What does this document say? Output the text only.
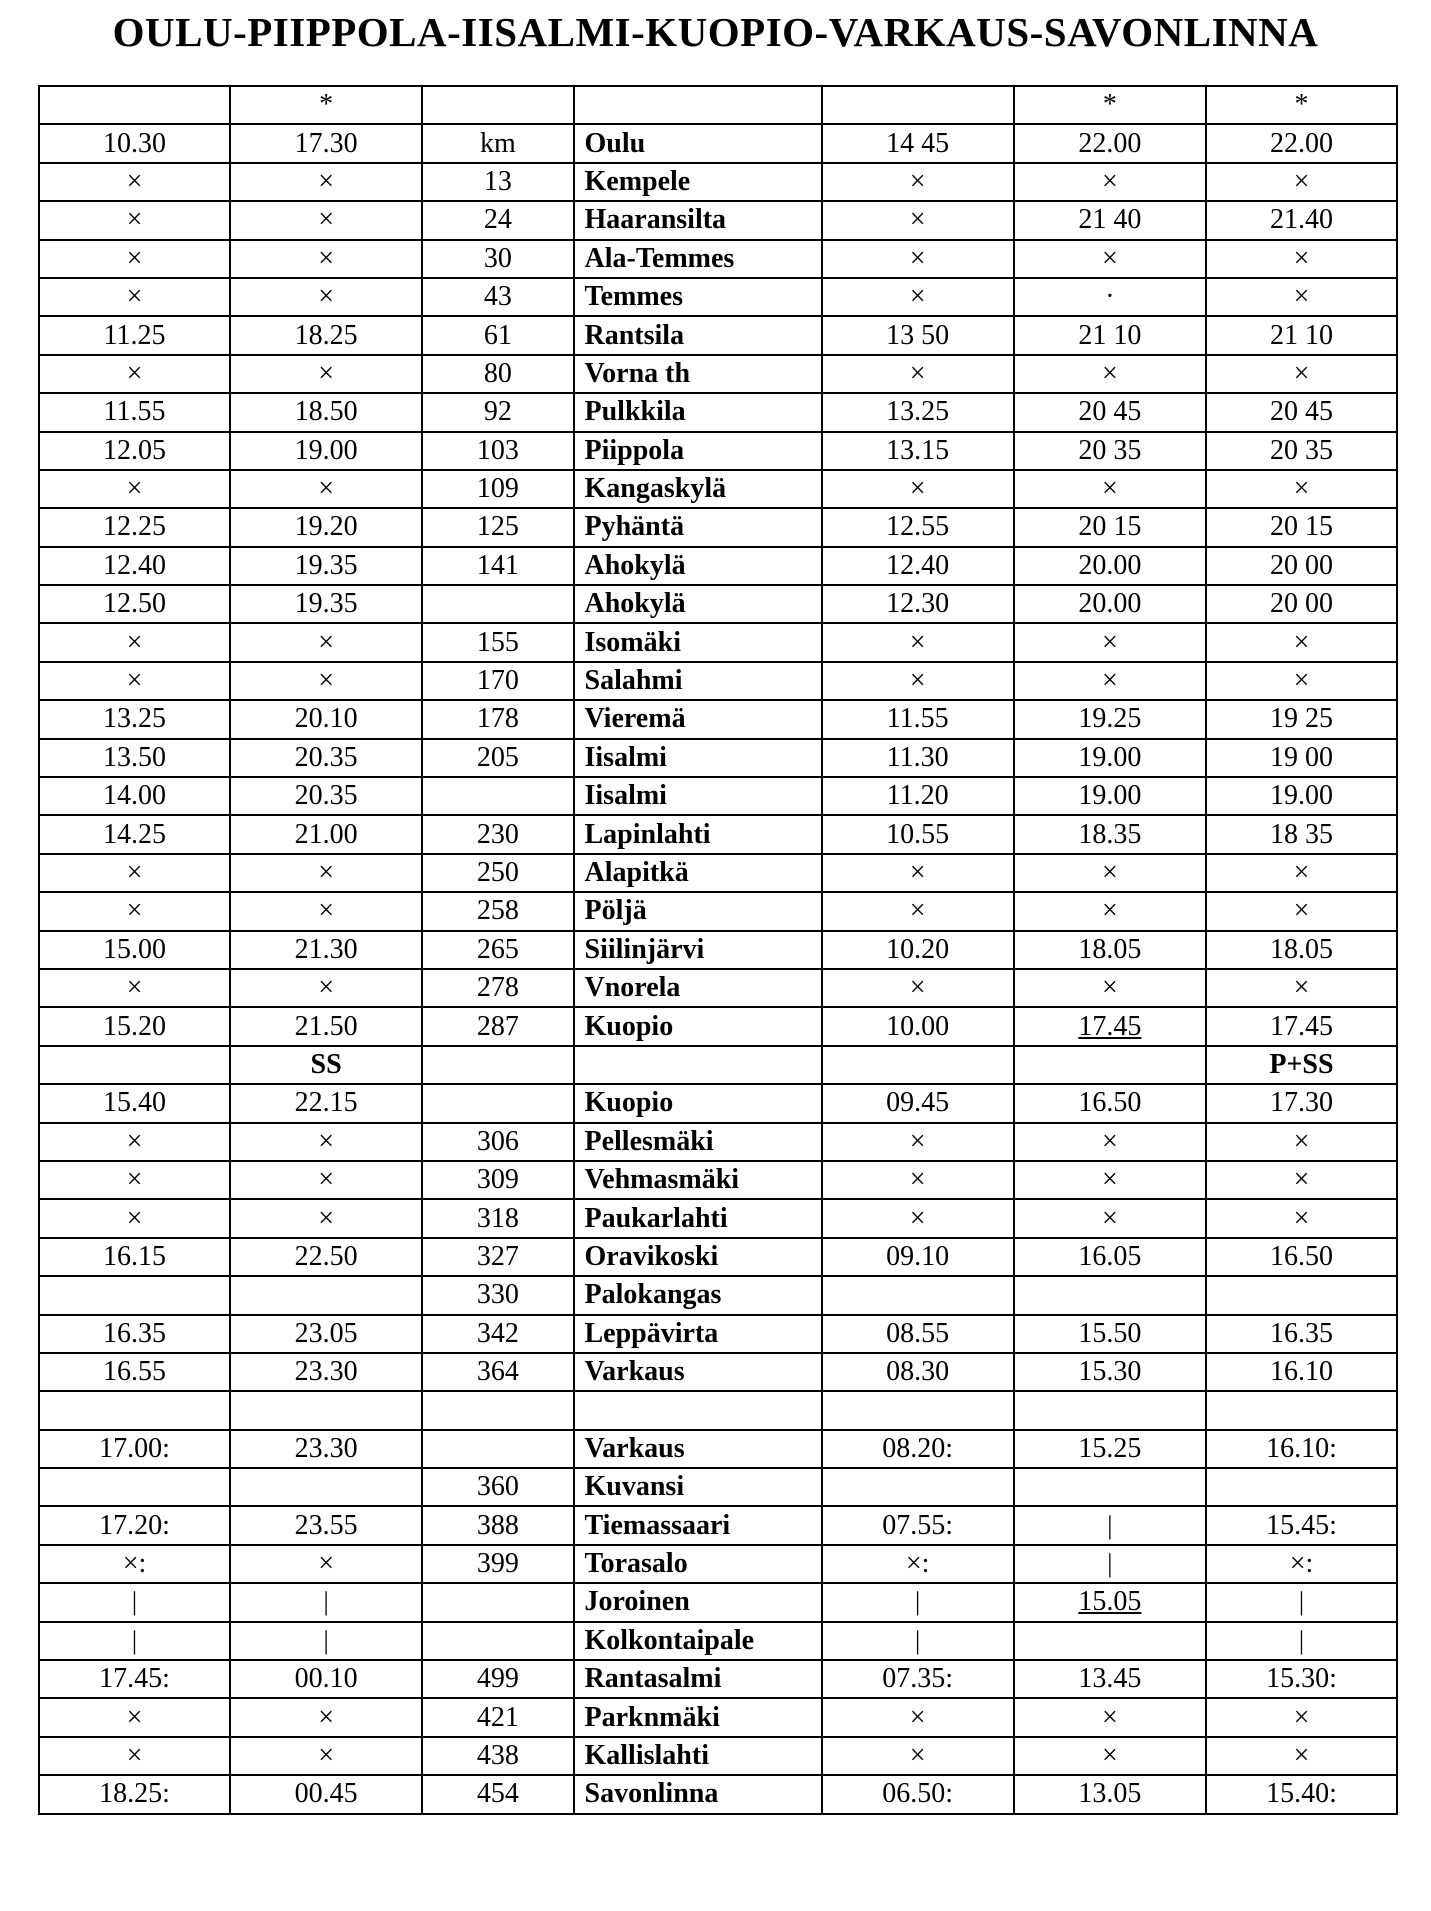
OULU-PIIPPOLA-IISALMI-KUOPIO-VARKAUS-SAVONLINNA
	*				*	*
10.30	17.30	km	Oulu	14 45	22.00	22.00
×	×	13	Kempele	×	×	×
×	×	24	Haaransilta	×	21 40	21.40
×	×	30	Ala-Temmes	×	×	×
×	×	43	Temmes	×	·	×
11.25	18.25	61	Rantsila	13 50	21 10	21 10
×	×	80	Vorna th	×	×	×
11.55	18.50	92	Pulkkila	13.25	20 45	20 45
12.05	19.00	103	Piippola	13.15	20 35	20 35
×	×	109	Kangaskylä	×	×	×
12.25	19.20	125	Pyhäntä	12.55	20 15	20 15
12.40	19.35	141	Ahokylä	12.40	20.00	20 00
12.50	19.35		Ahokylä	12.30	20.00	20 00
×	×	155	Isomäki	×	×	×
×	×	170	Salahmi	×	×	×
13.25	20.10	178	Vieremä	11.55	19.25	19 25
13.50	20.35	205	Iisalmi	11.30	19.00	19 00
14.00	20.35		Iisalmi	11.20	19.00	19.00
14.25	21.00	230	Lapinlahti	10.55	18.35	18 35
×	×	250	Alapitkä	×	×	×
×	×	258	Pöljä	×	×	×
15.00	21.30	265	Siilinjärvi	10.20	18.05	18.05
×	×	278	Vnorela	×	×	×
15.20	21.50	287	Kuopio	10.00	17.45	17.45
	SS					P+SS
15.40	22.15		Kuopio	09.45	16.50	17.30
×	×	306	Pellesmäki	×	×	×
×	×	309	Vehmasmäki	×	×	×
×	×	318	Paukarlahti	×	×	×
16.15	22.50	327	Oravikoski	09.10	16.05	16.50
		330	Palokangas			
16.35	23.05	342	Leppävirta	08.55	15.50	16.35
16.55	23.30	364	Varkaus	08.30	15.30	16.10

17.00:	23.30		Varkaus	08.20:	15.25	16.10:
		360	Kuvansi			
17.20:	23.55	388	Tiemassaari	07.55:	|	15.45:
×:	×	399	Torasalo	×:	|	×:
|	|		Joroinen	|	15.05	|
|	|		Kolkontaipale	|		|
17.45:	00.10	499	Rantasalmi	07.35:	13.45	15.30:
×	×	421	Parknmäki	×	×	×
×	×	438	Kallislahti	×	×	×
18.25:	00.45	454	Savonlinna	06.50:	13.05	15.40:
